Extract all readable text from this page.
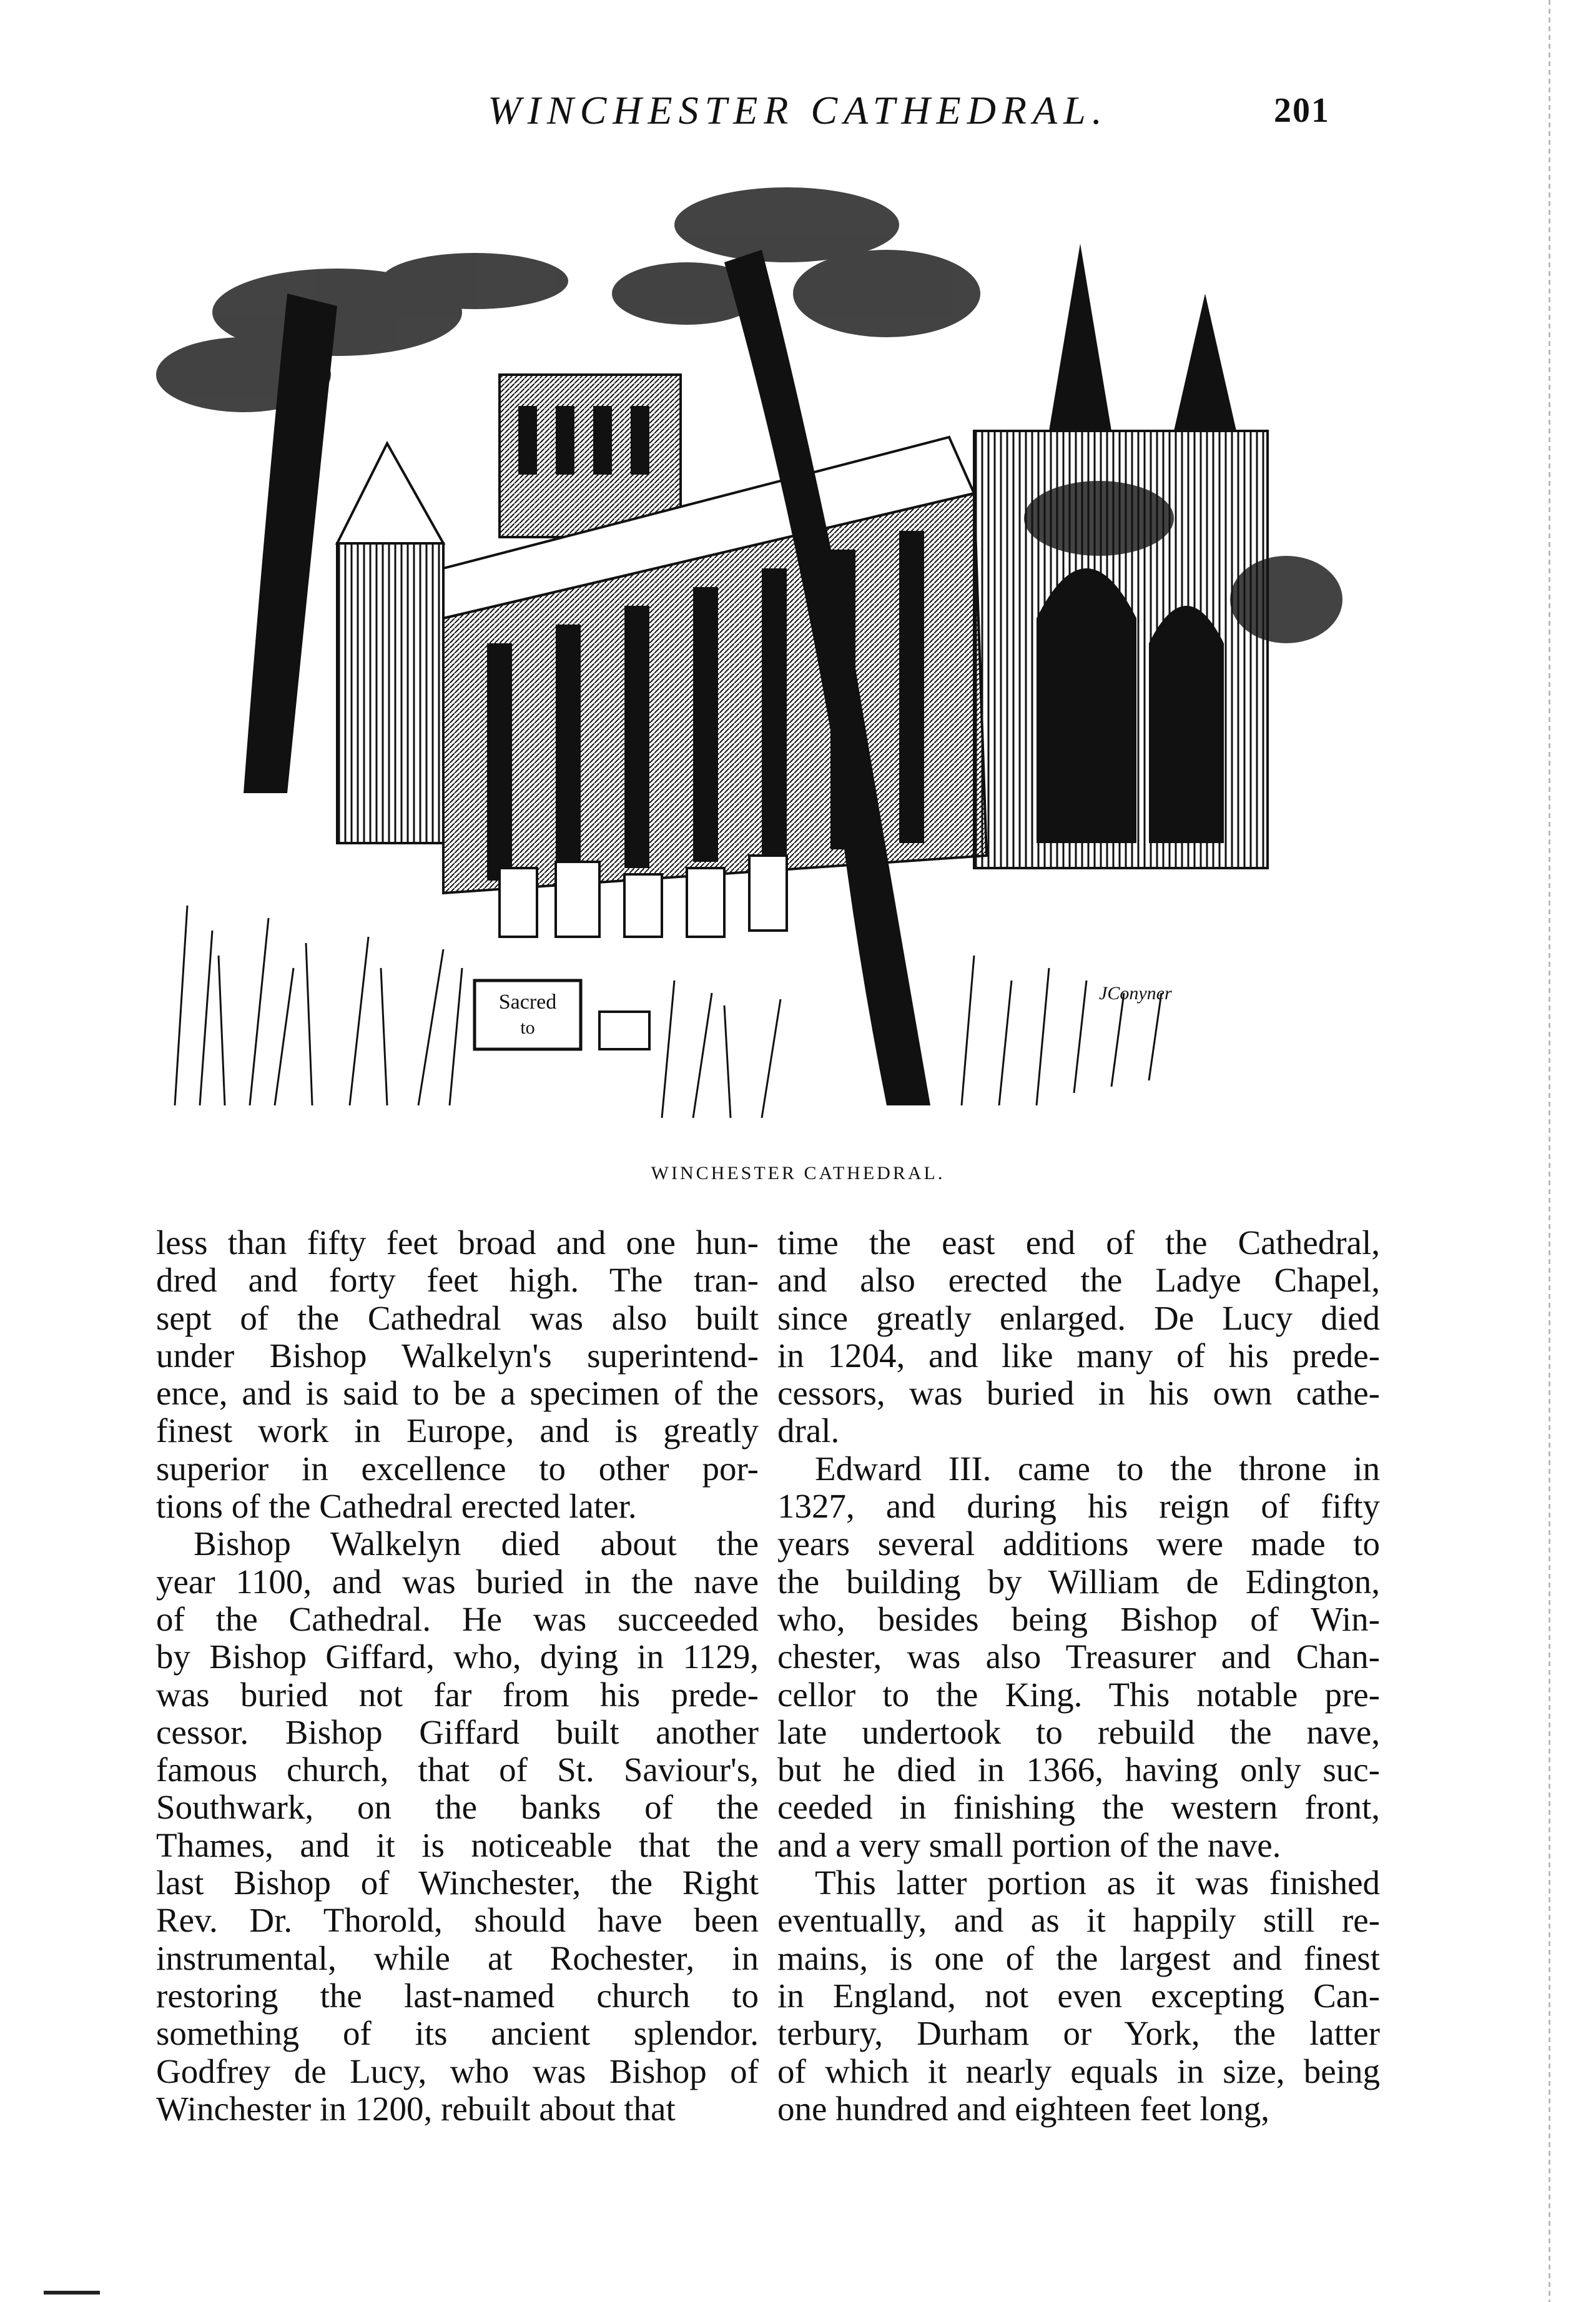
WINCHESTER CATHEDRAL.	201
Sacred
to
JConyner
WINCHESTER CATHEDRAL.

less than fifty feet broad and one hun-
dred and forty feet high. The tran-
sept of the Cathedral was also built
under Bishop Walkelyn's superintend-
ence, and is said to be a specimen of the
finest work in Europe, and is greatly
superior in excellence to other por-
tions of the Cathedral erected later.

Bishop Walkelyn died about the
year 1100, and was buried in the nave
of the Cathedral. He was succeeded
by Bishop Giffard, who, dying in 1129,
was buried not far from his prede-
cessor. Bishop Giffard built another
famous church, that of St. Saviour's,
Southwark, on the banks of the
Thames, and it is noticeable that the
last Bishop of Winchester, the Right
Rev. Dr. Thorold, should have been
instrumental, while at Rochester, in
restoring the last-named church to
something of its ancient splendor.
Godfrey de Lucy, who was Bishop of
Winchester in 1200, rebuilt about that

time the east end of the Cathedral,
and also erected the Ladye Chapel,
since greatly enlarged. De Lucy died
in 1204, and like many of his prede-
cessors, was buried in his own cathe-
dral.

Edward III. came to the throne in
1327, and during his reign of fifty
years several additions were made to
the building by William de Edington,
who, besides being Bishop of Win-
chester, was also Treasurer and Chan-
cellor to the King. This notable pre-
late undertook to rebuild the nave,
but he died in 1366, having only suc-
ceeded in finishing the western front,
and a very small portion of the nave.

This latter portion as it was finished
eventually, and as it happily still re-
mains, is one of the largest and finest
in England, not even excepting Can-
terbury, Durham or York, the latter
of which it nearly equals in size, being
one hundred and eighteen feet long,
